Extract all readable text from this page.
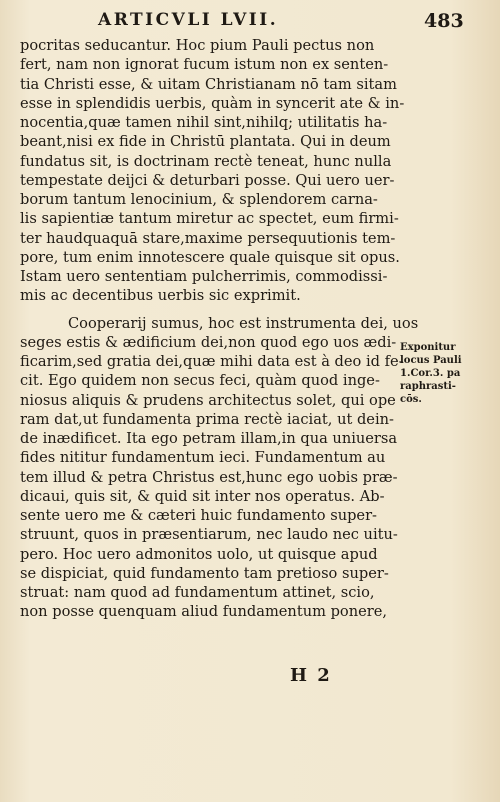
ARTICVLI LVII.	483
pocritas seducantur. Hoc pium Pauli pectus non
fert, nam non ignorat fucum istum non ex senten-
tia Christi esse, & uitam Christianam nō tam sitam
esse in splendidis uerbis, quàm in syncerit ate & in-
nocentia,quæ tamen nihil sint,nihilq; utilitatis ha-
beant,nisi ex fide in Christū plantata. Qui in deum
fundatus sit, is doctrinam rectè teneat, hunc nulla
tempestate deijci & deturbari posse. Qui uero uer-
borum tantum lenocinium, & splendorem carna-
lis sapientiæ tantum miretur ac spectet, eum firmi-
ter haudquaquā stare,maxime persequutionis tem-
pore, tum enim innotescere quale quisque sit opus.
Istam uero sententiam pulcherrimis, commodissi-
mis ac decentibus uerbis sic exprimit.
Cooperarij sumus, hoc est instrumenta dei, uos
seges estis & ædificium dei,non quod ego uos ædi-
ficarim,sed gratia dei,quæ mihi data est à deo id fe-
cit. Ego quidem non secus feci, quàm quod inge-
niosus aliquis & prudens architectus solet, qui ope
ram dat,ut fundamenta prima rectè iaciat, ut dein-
de inædificet. Ita ego petram illam,in qua uniuersa
fides nititur fundamentum ieci. Fundamentum au
tem illud & petra Christus est,hunc ego uobis præ-
dicaui, quis sit, & quid sit inter nos operatus. Ab-
sente uero me & cæteri huic fundamento super-
struunt, quos in præsentiarum, nec laudo nec uitu-
pero. Hoc uero admonitos uolo, ut quisque apud
se dispiciat, quid fundamento tam pretioso super-
struat: nam quod ad fundamentum attinet, scio,
non posse quenquam aliud fundamentum ponere,
Exponitur
locus Pauli
1.Cor.3. pa
raphrasti-
cōs.
H 2
